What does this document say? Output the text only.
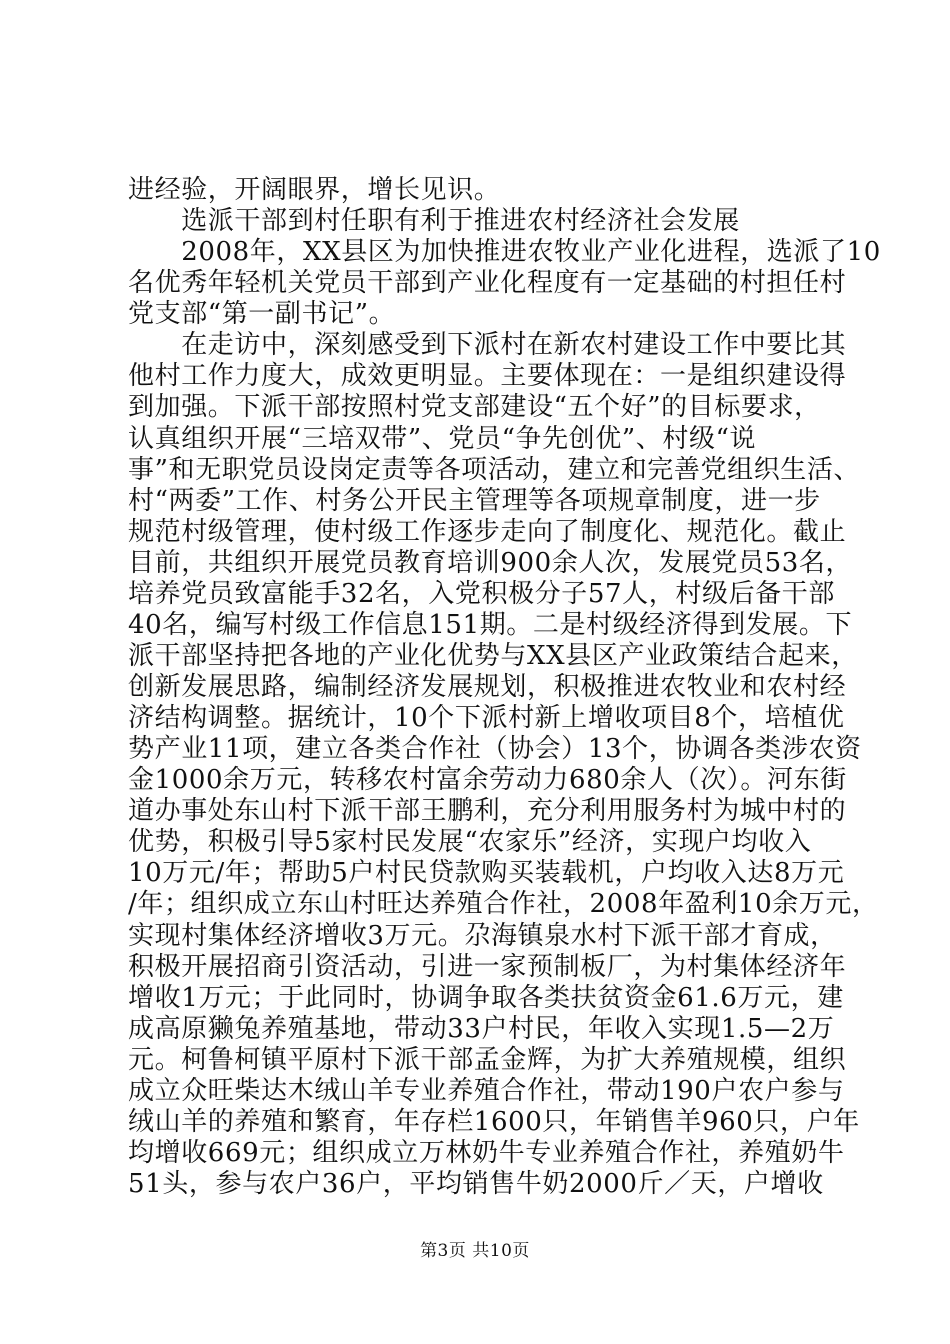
进经验，开阔眼界，增长见识。
　　选派干部到村任职有利于推进农村经济社会发展
　　2008年，XX县区为加快推进农牧业产业化进程，选派了10
名优秀年轻机关党员干部到产业化程度有一定基础的村担任村
党支部“第一副书记”。
　　在走访中，深刻感受到下派村在新农村建设工作中要比其
他村工作力度大，成效更明显。主要体现在：一是组织建设得
到加强。下派干部按照村党支部建设“五个好”的目标要求，
认真组织开展“三培双带”、党员“争先创优”、村级“说
事”和无职党员设岗定责等各项活动，建立和完善党组织生活、
村“两委”工作、村务公开民主管理等各项规章制度，进一步
规范村级管理，使村级工作逐步走向了制度化、规范化。截止
目前，共组织开展党员教育培训900余人次，发展党员53名，
培养党员致富能手32名，入党积极分子57人，村级后备干部
40名，编写村级工作信息151期。二是村级经济得到发展。下
派干部坚持把各地的产业化优势与XX县区产业政策结合起来，
创新发展思路，编制经济发展规划，积极推进农牧业和农村经
济结构调整。据统计，10个下派村新上增收项目8个，培植优
势产业11项，建立各类合作社（协会）13个，协调各类涉农资
金1000余万元，转移农村富余劳动力680余人（次）。河东街
道办事处东山村下派干部王鹏利，充分利用服务村为城中村的
优势，积极引导5家村民发展“农家乐”经济，实现户均收入
10万元/年；帮助5户村民贷款购买装载机，户均收入达8万元
/年；组织成立东山村旺达养殖合作社，2008年盈利10余万元，
实现村集体经济增收3万元。尕海镇泉水村下派干部才育成，
积极开展招商引资活动，引进一家预制板厂，为村集体经济年
增收1万元；于此同时，协调争取各类扶贫资金61.6万元，建
成高原獭兔养殖基地，带动33户村民，年收入实现1.5—2万
元。柯鲁柯镇平原村下派干部孟金辉，为扩大养殖规模，组织
成立众旺柴达木绒山羊专业养殖合作社，带动190户农户参与
绒山羊的养殖和繁育，年存栏1600只，年销售羊960只，户年
均增收669元；组织成立万林奶牛专业养殖合作社，养殖奶牛
51头，参与农户36户，平均销售牛奶2000斤／天，户增收
第3页 共10页
